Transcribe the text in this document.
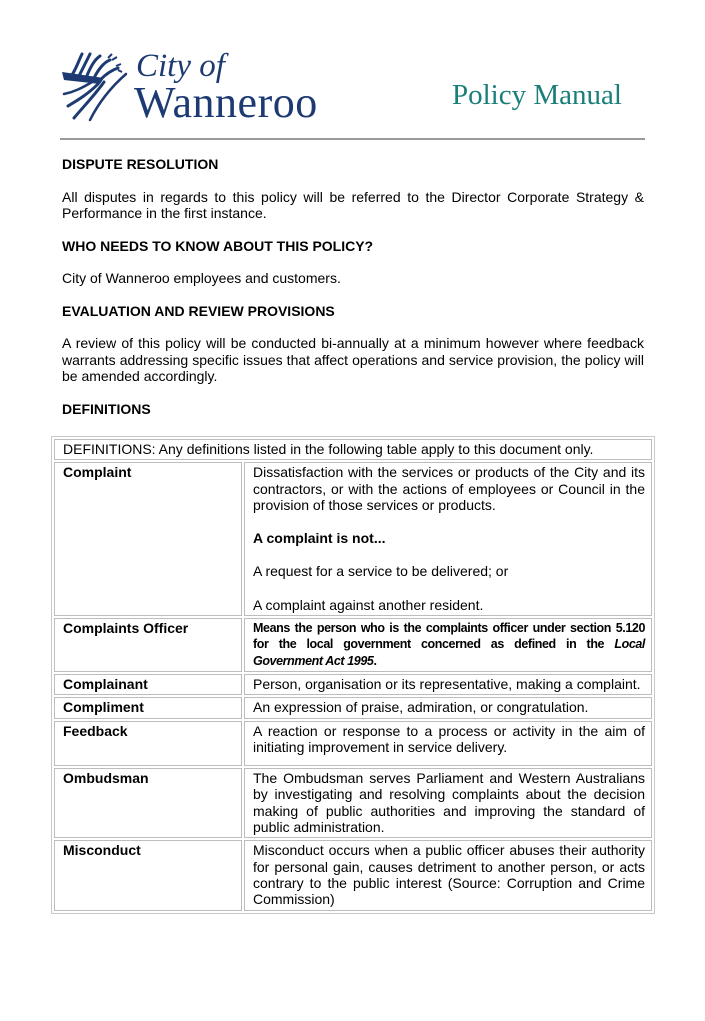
City of
Wanneroo	Policy Manual

DISPUTE RESOLUTION

All disputes in regards to this policy will be referred to the Director Corporate Strategy & Performance in the first instance.

WHO NEEDS TO KNOW ABOUT THIS POLICY?

City of Wanneroo employees and customers.

EVALUATION AND REVIEW PROVISIONS

A review of this policy will be conducted bi-annually at a minimum however where feedback warrants addressing specific issues that affect operations and service provision, the policy will be amended accordingly.

DEFINITIONS

DEFINITIONS: Any definitions listed in the following table apply to this document only.	
Complaint	Dissatisfaction with the services or products of the City and its contractors, or with the actions of employees or Council in the provision of those services or products.
A complaint is not...
A request for a service to be delivered; or
A complaint against another resident.

Complaints Officer	Means the person who is the complaints officer under section 5.120 for the local government concerned as defined in the Local Government Act 1995.
Complainant	Person, organisation or its representative, making a complaint.
Compliment	An expression of praise, admiration, or congratulation.
Feedback	A reaction or response to a process or activity in the aim of initiating improvement in service delivery.
Ombudsman	The Ombudsman serves Parliament and Western Australians by investigating and resolving complaints about the decision making of public authorities and improving the standard of public administration.
Misconduct	Misconduct occurs when a public officer abuses their authority for personal gain, causes detriment to another person, or acts contrary to the public interest (Source: Corruption and Crime Commission)
